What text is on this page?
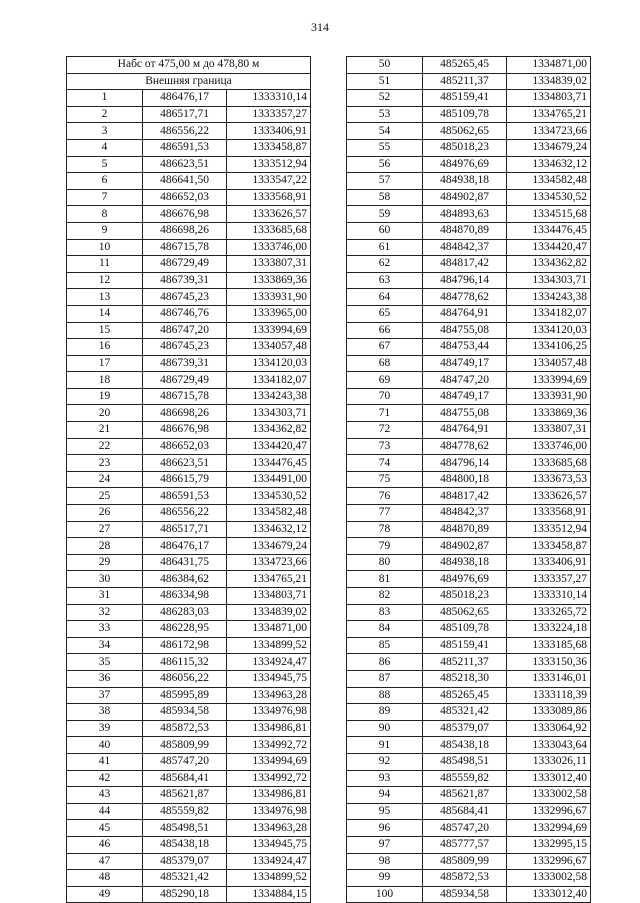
314
Набс от 475,00 м до 478,80 м		
Внешняя граница		
1	486476,17	1333310,14
2	486517,71	1333357,27
3	486556,22	1333406,91
4	486591,53	1333458,87
5	486623,51	1333512,94
6	486641,50	1333547,22
7	486652,03	1333568,91
8	486676,98	1333626,57
9	486698,26	1333685,68
10	486715,78	1333746,00
11	486729,49	1333807,31
12	486739,31	1333869,36
13	486745,23	1333931,90
14	486746,76	1333965,00
15	486747,20	1333994,69
16	486745,23	1334057,48
17	486739,31	1334120,03
18	486729,49	1334182,07
19	486715,78	1334243,38
20	486698,26	1334303,71
21	486676,98	1334362,82
22	486652,03	1334420,47
23	486623,51	1334476,45
24	486615,79	1334491,00
25	486591,53	1334530,52
26	486556,22	1334582,48
27	486517,71	1334632,12
28	486476,17	1334679,24
29	486431,75	1334723,66
30	486384,62	1334765,21
31	486334,98	1334803,71
32	486283,03	1334839,02
33	486228,95	1334871,00
34	486172,98	1334899,52
35	486115,32	1334924,47
36	486056,22	1334945,75
37	485995,89	1334963,28
38	485934,58	1334976,98
39	485872,53	1334986,81
40	485809,99	1334992,72
41	485747,20	1334994,69
42	485684,41	1334992,72
43	485621,87	1334986,81
44	485559,82	1334976,98
45	485498,51	1334963,28
46	485438,18	1334945,75
47	485379,07	1334924,47
48	485321,42	1334899,52
49	485290,18	1334884,15
50	485265,45	1334871,00
51	485211,37	1334839,02
52	485159,41	1334803,71
53	485109,78	1334765,21
54	485062,65	1334723,66
55	485018,23	1334679,24
56	484976,69	1334632,12
57	484938,18	1334582,48
58	484902,87	1334530,52
59	484893,63	1334515,68
60	484870,89	1334476,45
61	484842,37	1334420,47
62	484817,42	1334362,82
63	484796,14	1334303,71
64	484778,62	1334243,38
65	484764,91	1334182,07
66	484755,08	1334120,03
67	484753,44	1334106,25
68	484749,17	1334057,48
69	484747,20	1333994,69
70	484749,17	1333931,90
71	484755,08	1333869,36
72	484764,91	1333807,31
73	484778,62	1333746,00
74	484796,14	1333685,68
75	484800,18	1333673,53
76	484817,42	1333626,57
77	484842,37	1333568,91
78	484870,89	1333512,94
79	484902,87	1333458,87
80	484938,18	1333406,91
81	484976,69	1333357,27
82	485018,23	1333310,14
83	485062,65	1333265,72
84	485109,78	1333224,18
85	485159,41	1333185,68
86	485211,37	1333150,36
87	485218,30	1333146,01
88	485265,45	1333118,39
89	485321,42	1333089,86
90	485379,07	1333064,92
91	485438,18	1333043,64
92	485498,51	1333026,11
93	485559,82	1333012,40
94	485621,87	1333002,58
95	485684,41	1332996,67
96	485747,20	1332994,69
97	485777,57	1332995,15
98	485809,99	1332996,67
99	485872,53	1333002,58
100	485934,58	1333012,40
